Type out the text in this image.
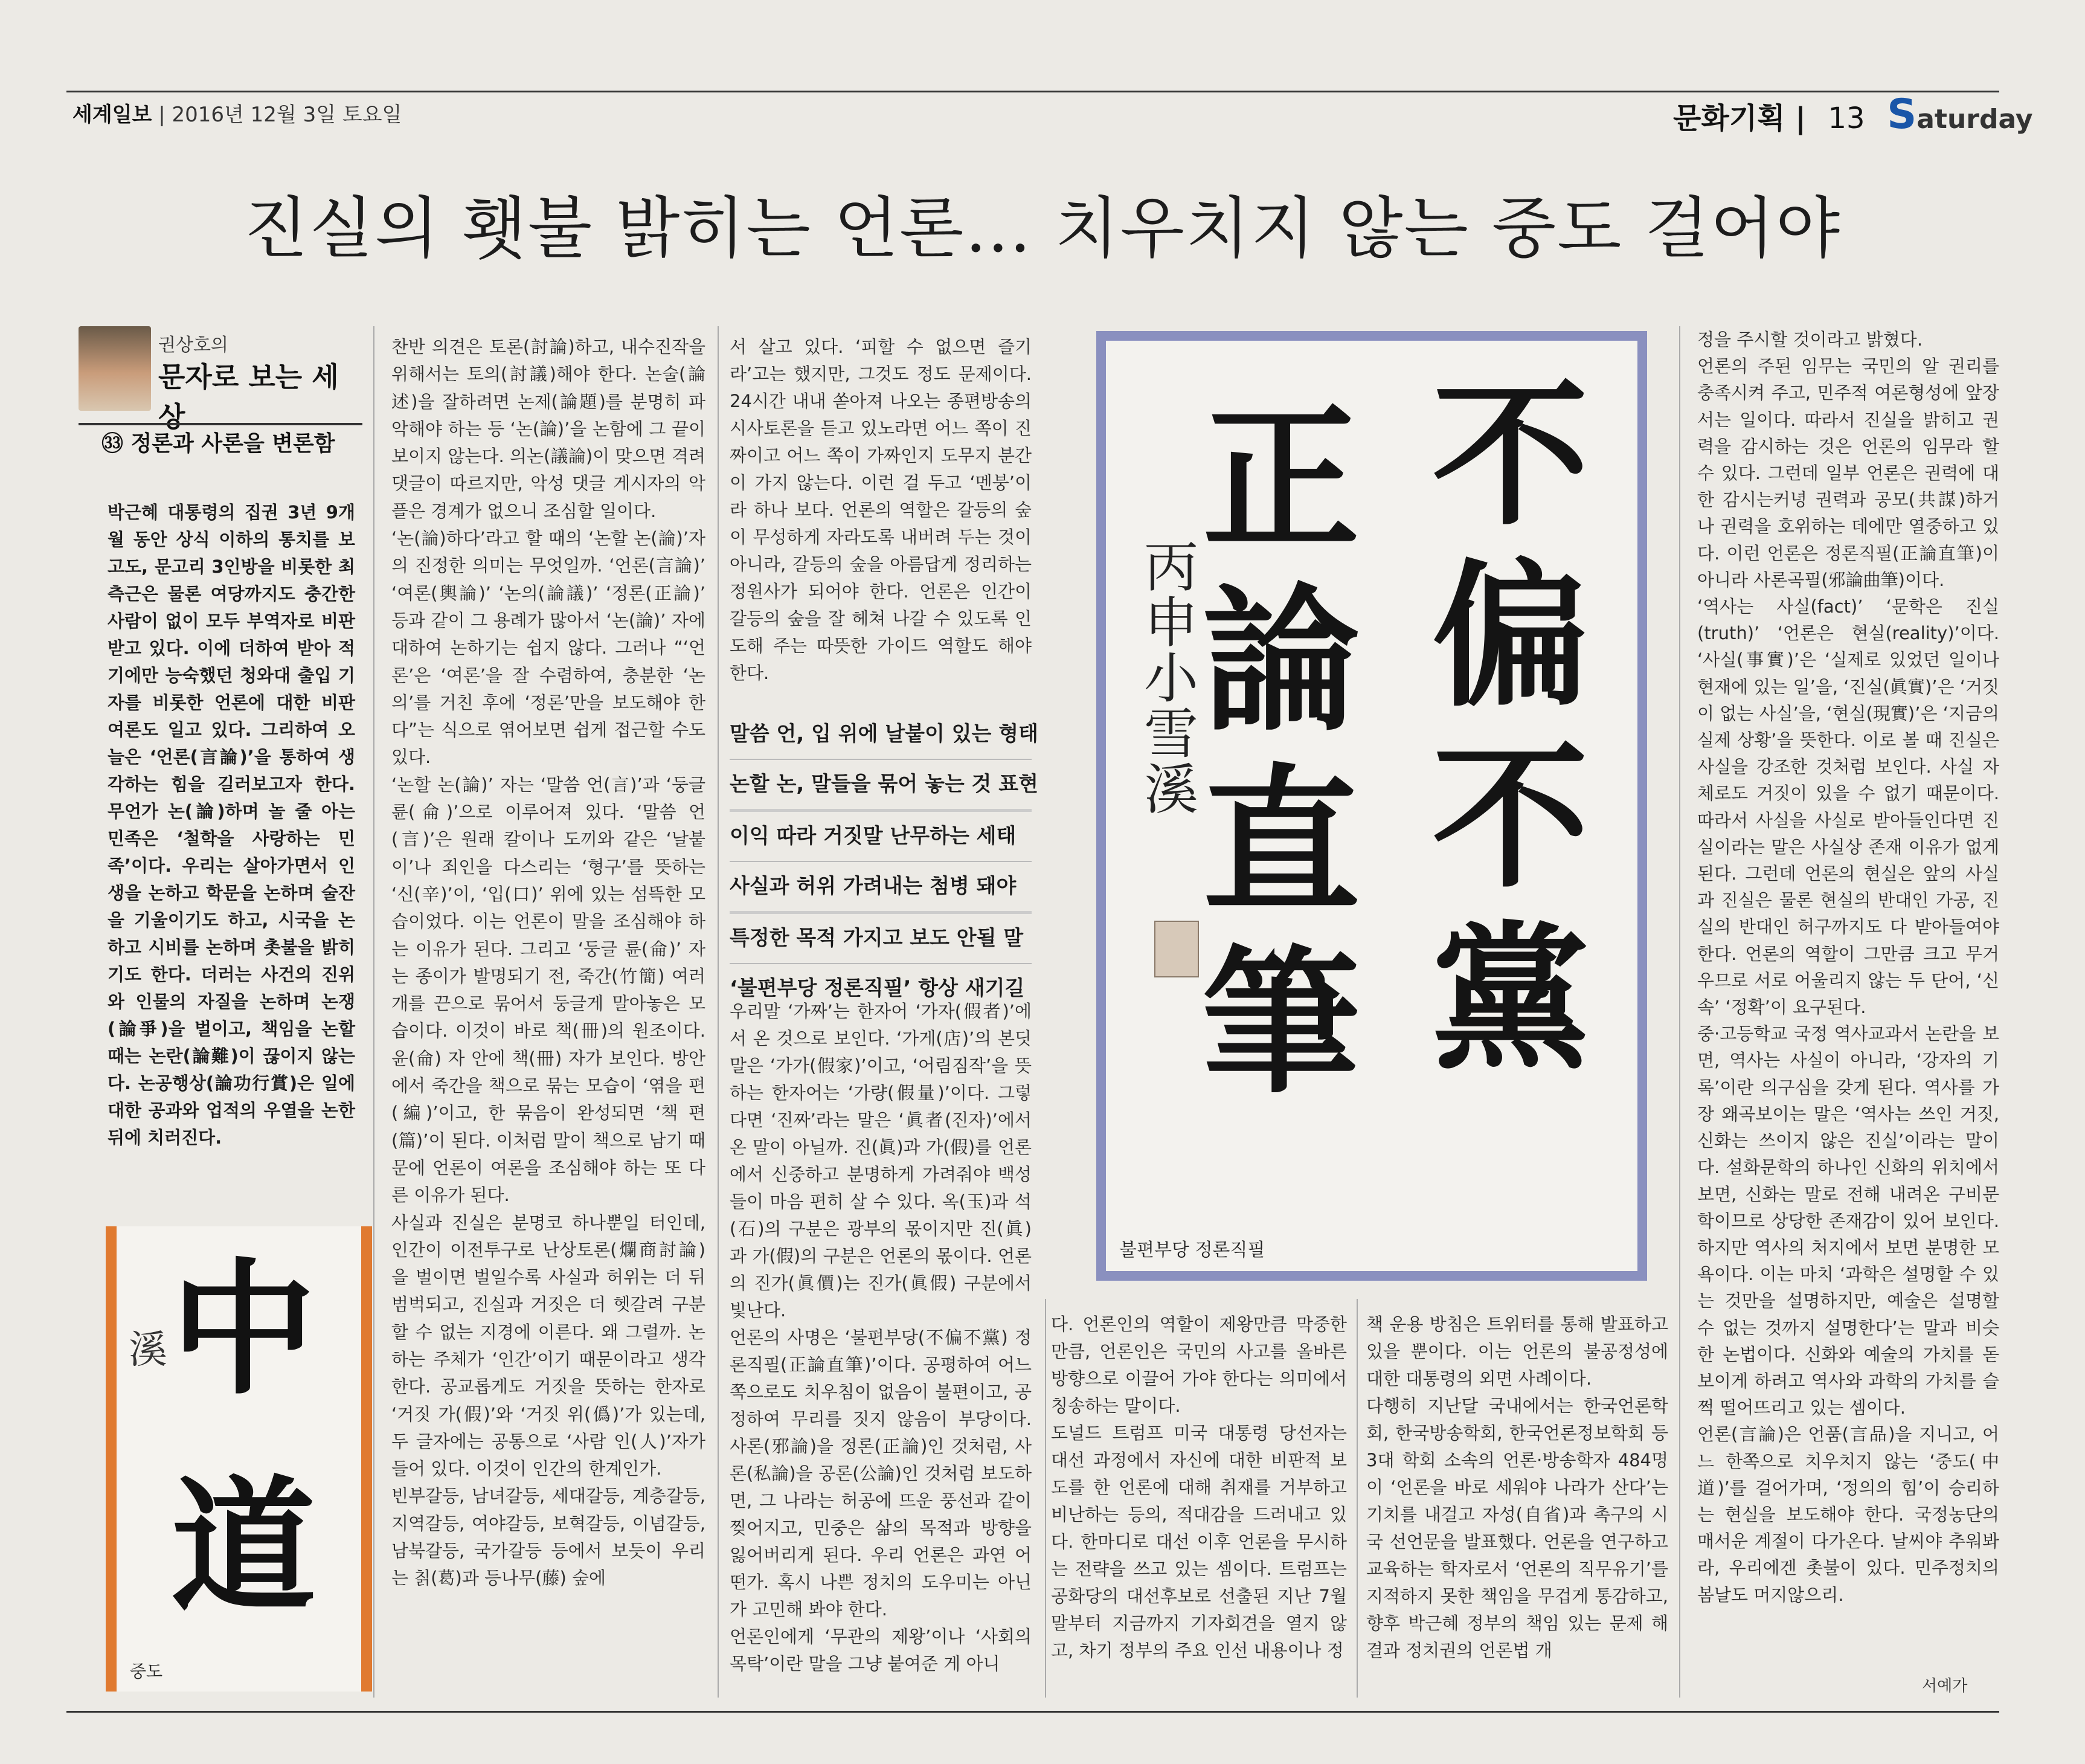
세계일보 | 2016년 12월 3일 토요일	문화기획 | 13 Saturday
진실의 횃불 밝히는 언론… 치우치지 않는 중도 걸어야
권상호의
문자로 보는 세상
㉝ 정론과 사론을 변론함
박근혜 대통령의 집권 3년 9개월 동안 상식 이하의 통치를 보고도, 문고리 3인방을 비롯한 최측근은 물론 여당까지도 충간한 사람이 없이 모두 부역자로 비판받고 있다. 이에 더하여 받아 적기에만 능숙했던 청와대 출입 기자를 비롯한 언론에 대한 비판 여론도 일고 있다. 그리하여 오늘은 ‘언론(言論)’을 통하여 생각하는 힘을 길러보고자 한다. 무언가 논(論)하며 놀 줄 아는 민족은 ‘철학을 사랑하는 민족’이다. 우리는 살아가면서 인생을 논하고 학문을 논하며 술잔을 기울이기도 하고, 시국을 논하고 시비를 논하며 촛불을 밝히기도 한다. 더러는 사건의 진위와 인물의 자질을 논하며 논쟁(論爭)을 벌이고, 책임을 논할 때는 논란(論難)이 끊이지 않는다. 논공행상(論功行賞)은 일에 대한 공과와 업적의 우열을 논한 뒤에 치러진다.
中
道
溪
중도
찬반 의견은 토론(討論)하고, 내수진작을 위해서는 토의(討議)해야 한다. 논술(論述)을 잘하려면 논제(論題)를 분명히 파악해야 하는 등 ‘논(論)’을 논함에 그 끝이 보이지 않는다. 의논(議論)이 맞으면 격려 댓글이 따르지만, 악성 댓글 게시자의 악플은 경계가 없으니 조심할 일이다.
‘논(論)하다’라고 할 때의 ‘논할 논(論)’자의 진정한 의미는 무엇일까. ‘언론(言論)’ ‘여론(輿論)’ ‘논의(論議)’ ‘정론(正論)’ 등과 같이 그 용례가 많아서 ‘논(論)’ 자에 대하여 논하기는 쉽지 않다. 그러나 “‘언론’은 ‘여론’을 잘 수렴하여, 충분한 ‘논의’를 거친 후에 ‘정론’만을 보도해야 한다”는 식으로 엮어보면 쉽게 접근할 수도 있다.
‘논할 논(論)’ 자는 ‘말씀 언(言)’과 ‘둥글 륜(侖)’으로 이루어져 있다. ‘말씀 언(言)’은 원래 칼이나 도끼와 같은 ‘날붙이’나 죄인을 다스리는 ‘형구’를 뜻하는 ‘신(辛)’이, ‘입(口)’ 위에 있는 섬뜩한 모습이었다. 이는 언론이 말을 조심해야 하는 이유가 된다. 그리고 ‘둥글 륜(侖)’ 자는 종이가 발명되기 전, 죽간(竹簡) 여러 개를 끈으로 묶어서 둥글게 말아놓은 모습이다. 이것이 바로 책(冊)의 원조이다. 윤(侖) 자 안에 책(冊) 자가 보인다. 방안에서 죽간을 책으로 묶는 모습이 ‘엮을 편(編)’이고, 한 묶음이 완성되면 ‘책 편(篇)’이 된다. 이처럼 말이 책으로 남기 때문에 언론이 여론을 조심해야 하는 또 다른 이유가 된다.
사실과 진실은 분명코 하나뿐일 터인데, 인간이 이전투구로 난상토론(爛商討論)을 벌이면 벌일수록 사실과 허위는 더 뒤범벅되고, 진실과 거짓은 더 헷갈려 구분할 수 없는 지경에 이른다. 왜 그럴까. 논하는 주체가 ‘인간’이기 때문이라고 생각한다. 공교롭게도 거짓을 뜻하는 한자로 ‘거짓 가(假)’와 ‘거짓 위(僞)’가 있는데, 두 글자에는 공통으로 ‘사람 인(人)’자가 들어 있다. 이것이 인간의 한계인가.
빈부갈등, 남녀갈등, 세대갈등, 계층갈등, 지역갈등, 여야갈등, 보혁갈등, 이념갈등, 남북갈등, 국가갈등 등에서 보듯이 우리는 칡(葛)과 등나무(藤) 숲에
서 살고 있다. ‘피할 수 없으면 즐기라’고는 했지만, 그것도 정도 문제이다. 24시간 내내 쏟아져 나오는 종편방송의 시사토론을 듣고 있노라면 어느 쪽이 진짜이고 어느 쪽이 가짜인지 도무지 분간이 가지 않는다. 이런 걸 두고 ‘멘붕’이라 하나 보다. 언론의 역할은 갈등의 숲이 무성하게 자라도록 내버려 두는 것이 아니라, 갈등의 숲을 아름답게 정리하는 정원사가 되어야 한다. 언론은 인간이 갈등의 숲을 잘 헤쳐 나갈 수 있도록 인도해 주는 따뜻한 가이드 역할도 해야 한다.
말씀 언, 입 위에 날붙이 있는 형태
논할 논, 말들을 묶어 놓는 것 표현
이익 따라 거짓말 난무하는 세태
사실과 허위 가려내는 첨병 돼야
특정한 목적 가지고 보도 안될 말
‘불편부당 정론직필’ 항상 새기길
우리말 ‘가짜’는 한자어 ‘가자(假者)’에서 온 것으로 보인다. ‘가게(店)’의 본딧말은 ‘가가(假家)’이고, ‘어림짐작’을 뜻하는 한자어는 ‘가량(假量)’이다. 그렇다면 ‘진짜’라는 말은 ‘眞者(진자)’에서 온 말이 아닐까. 진(眞)과 가(假)를 언론에서 신중하고 분명하게 가려줘야 백성들이 마음 편히 살 수 있다. 옥(玉)과 석(石)의 구분은 광부의 몫이지만 진(眞)과 가(假)의 구분은 언론의 몫이다. 언론의 진가(眞價)는 진가(眞假) 구분에서 빛난다.
언론의 사명은 ‘불편부당(不偏不黨) 정론직필(正論直筆)’이다. 공평하여 어느 쪽으로도 치우침이 없음이 불편이고, 공정하여 무리를 짓지 않음이 부당이다. 사론(邪論)을 정론(正論)인 것처럼, 사론(私論)을 공론(公論)인 것처럼 보도하면, 그 나라는 허공에 뜨운 풍선과 같이 찢어지고, 민중은 삶의 목적과 방향을 잃어버리게 된다. 우리 언론은 과연 어떤가. 혹시 나쁜 정치의 도우미는 아닌가 고민해 봐야 한다.
언론인에게 ‘무관의 제왕’이나 ‘사회의 목탁’이란 말을 그냥 붙여준 게 아니
不偏不黨
正論直筆
丙申小雪 溪
불편부당 정론직필
다. 언론인의 역할이 제왕만큼 막중한 만큼, 언론인은 국민의 사고를 올바른 방향으로 이끌어 가야 한다는 의미에서 칭송하는 말이다.
도널드 트럼프 미국 대통령 당선자는 대선 과정에서 자신에 대한 비판적 보도를 한 언론에 대해 취재를 거부하고 비난하는 등의, 적대감을 드러내고 있다. 한마디로 대선 이후 언론을 무시하는 전략을 쓰고 있는 셈이다. 트럼프는 공화당의 대선후보로 선출된 지난 7월 말부터 지금까지 기자회견을 열지 않고, 차기 정부의 주요 인선 내용이나 정
책 운용 방침은 트위터를 통해 발표하고 있을 뿐이다. 이는 언론의 불공정성에 대한 대통령의 외면 사례이다.
다행히 지난달 국내에서는 한국언론학회, 한국방송학회, 한국언론정보학회 등 3대 학회 소속의 언론·방송학자 484명이 ‘언론을 바로 세워야 나라가 산다’는 기치를 내걸고 자성(自省)과 촉구의 시국 선언문을 발표했다. 언론을 연구하고 교육하는 학자로서 ‘언론의 직무유기’를 지적하지 못한 책임을 무겁게 통감하고, 향후 박근혜 정부의 책임 있는 문제 해결과 정치권의 언론법 개
정을 주시할 것이라고 밝혔다.
언론의 주된 임무는 국민의 알 권리를 충족시켜 주고, 민주적 여론형성에 앞장서는 일이다. 따라서 진실을 밝히고 권력을 감시하는 것은 언론의 임무라 할 수 있다. 그런데 일부 언론은 권력에 대한 감시는커녕 권력과 공모(共謀)하거나 권력을 호위하는 데에만 열중하고 있다. 이런 언론은 정론직필(正論直筆)이 아니라 사론곡필(邪論曲筆)이다.
‘역사는 사실(fact)’ ‘문학은 진실(truth)’ ‘언론은 현실(reality)’이다. ‘사실(事實)’은 ‘실제로 있었던 일이나 현재에 있는 일’을, ‘진실(眞實)’은 ‘거짓이 없는 사실’을, ‘현실(現實)’은 ‘지금의 실제 상황’을 뜻한다. 이로 볼 때 진실은 사실을 강조한 것처럼 보인다. 사실 자체로도 거짓이 있을 수 없기 때문이다. 따라서 사실을 사실로 받아들인다면 진실이라는 말은 사실상 존재 이유가 없게 된다. 그런데 언론의 현실은 앞의 사실과 진실은 물론 현실의 반대인 가공, 진실의 반대인 허구까지도 다 받아들여야 한다. 언론의 역할이 그만큼 크고 무거우므로 서로 어울리지 않는 두 단어, ‘신속’ ‘정확’이 요구된다.
중·고등학교 국정 역사교과서 논란을 보면, 역사는 사실이 아니라, ‘강자의 기록’이란 의구심을 갖게 된다. 역사를 가장 왜곡보이는 말은 ‘역사는 쓰인 거짓, 신화는 쓰이지 않은 진실’이라는 말이다. 설화문학의 하나인 신화의 위치에서 보면, 신화는 말로 전해 내려온 구비문학이므로 상당한 존재감이 있어 보인다. 하지만 역사의 처지에서 보면 분명한 모욕이다. 이는 마치 ‘과학은 설명할 수 있는 것만을 설명하지만, 예술은 설명할 수 없는 것까지 설명한다’는 말과 비슷한 논법이다. 신화와 예술의 가치를 돋보이게 하려고 역사와 과학의 가치를 슬쩍 떨어뜨리고 있는 셈이다.
언론(言論)은 언품(言品)을 지니고, 어느 한쪽으로 치우치지 않는 ‘중도(中道)’를 걸어가며, ‘정의의 힘’이 승리하는 현실을 보도해야 한다. 국정농단의 매서운 계절이 다가온다. 날씨야 추워봐라, 우리에겐 촛불이 있다. 민주정치의 봄날도 머지않으리.
서예가
